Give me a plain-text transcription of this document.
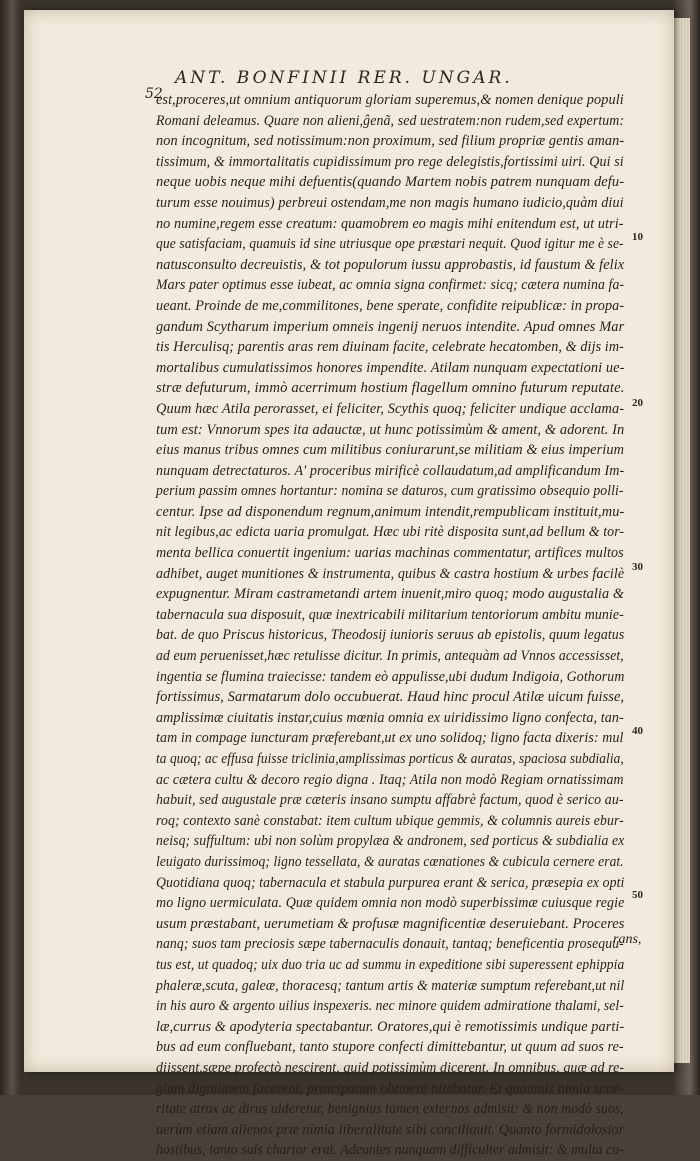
52
ANT. BONFINII RER. UNGAR.
est,proceres,ut omnium antiquorum gloriam superemus,& nomen denique populi
Romani deleamus. Quare non alieni,ĝenã, sed uestratem:non rudem,sed expertum:
non incognitum, sed notissimum:non proximum, sed filium propriæ gentis aman-
tissimum, & immortalitatis cupidissimum pro rege delegistis,fortissimi uiri. Qui si
neque uobis neque mihi defuentis(quando Martem nobis patrem nunquam defu-
turum esse nouimus) perbreui ostendam,me non magis humano iudicio,quàm diui
no numine,regem esse creatum: quamobrem eo magis mihi enitendum est, ut utri-
que satisfaciam, quamuis id sine utriusque ope præstari nequit. Quod igitur me è se-
natusconsulto decreuistis, & tot populorum iussu approbastis, id faustum & felix
Mars pater optimus esse iubeat, ac omnia signa confirmet: sicq; cætera numina fa-
ueant. Proinde de me,commilitones, bene sperate, confidite reipublicæ: in propa-
gandum Scytharum imperium omneis ingenij neruos intendite. Apud omnes Mar
tis Herculisq; parentis aras rem diuinam facite, celebrate hecatomben, & dijs im-
mortalibus cumulatissimos honores impendite. Atilam nunquam expectationi ue-
stræ defuturum, immò acerrimum hostium flagellum omnino futurum reputate.
Quum hæc Atila perorasset, ei feliciter, Scythis quoq; feliciter undique acclama-
tum est: Vnnorum spes ita adauctæ, ut hunc potissimùm & ament, & adorent. In
eius manus tribus omnes cum militibus coniurarunt,se militiam & eius imperium
nunquam detrectaturos. A' proceribus mirificè collaudatum,ad amplificandum Im-
perium passim omnes hortantur: nomina se daturos, cum gratissimo obsequio polli-
centur. Ipse ad disponendum regnum,animum intendit,rempublicam instituit,mu-
nit legibus,ac edicta uaria promulgat. Hæc ubi ritè disposita sunt,ad bellum & tor-
menta bellica conuertit ingenium: uarias machinas commentatur, artifices multos
adhibet, auget munitiones & instrumenta, quibus & castra hostium & urbes facilè
expugnentur. Miram castrametandi artem inuenit,miro quoq; modo augustalia &
tabernacula sua disposuit, quæ inextricabili militarium tentoriorum ambitu munie-
bat. de quo Priscus historicus, Theodosij iunioris seruus ab epistolis, quum legatus
ad eum peruenisset,hæc retulisse dicitur. In primis, antequàm ad Vnnos accessisset,
ingentia se flumina traiecisse: tandem eò appulisse,ubi dudum Indigoia, Gothorum
fortissimus, Sarmatarum dolo occubuerat. Haud hinc procul Atilæ uicum fuisse,
amplissimæ ciuitatis instar,cuius mœnia omnia ex uiridissimo ligno confecta, tan-
tam in compage iuncturam præferebant,ut ex uno solidoq; ligno facta dixeris: mul
ta quoq; ac effusa fuisse triclinia,amplissimas porticus & auratas, spaciosa subdialia,
ac cætera cultu & decoro regio digna . Itaq; Atila non modò Regiam ornatissimam
habuit, sed augustale præ cæteris insano sumptu affabrè factum, quod è serico au-
roq; contexto sanè constabat: item cultum ubique gemmis, & columnis aureis ebur-
neisq; suffultum: ubi non solùm propylæa & andronem, sed porticus & subdialia ex
leuigato durissimoq; ligno tessellata, & auratas cœnationes & cubicula cernere erat.
Quotidiana quoq; tabernacula et stabula purpurea erant & serica, præsepia ex opti
mo ligno uermiculata. Quæ quidem omnia non modò superbissimæ cuiusque regie
usum præstabant, uerumetiam & profusæ magnificentiæ deseruiebant. Proceres
nanq; suos tam preciosis sæpe tabernaculis donauit, tantaq; beneficentia prosequu-
tus est, ut quadoq; uix duo tria uc ad summu in expeditione sibi superessent ephippia
phaleræ,scuta, galeæ, thoracesq; tantum artis & materiæ sumptum referebant,ut nil
in his auro & argento uilius inspexeris. nec minore quidem admiratione thalami, sel-
læ,currus & apodyteria spectabantur. Oratores,qui è remotissimis undique parti-
bus ad eum confluebant, tanto stupore confecti dimittebantur, ut quum ad suos re-
dijssent,sæpe profectò nescirent, quid potissimùm dicerent. In omnibus, quæ ad re-
giam dignitatem facerent, principatum obtinere nitebatur. Et quamuis nimia seue-
ritate atrox ac dirus uideretur, benignius tamen externos admisit: & non modò suos,
uerùm etiam alienos præ nimia liberalitate sibi conciliauit. Quanto formidolosior
hostibus, tanto suis charior erat. Adeuntes nunquam difficulter admisit: & multa cu-
10
20
30
40
50
rans,
